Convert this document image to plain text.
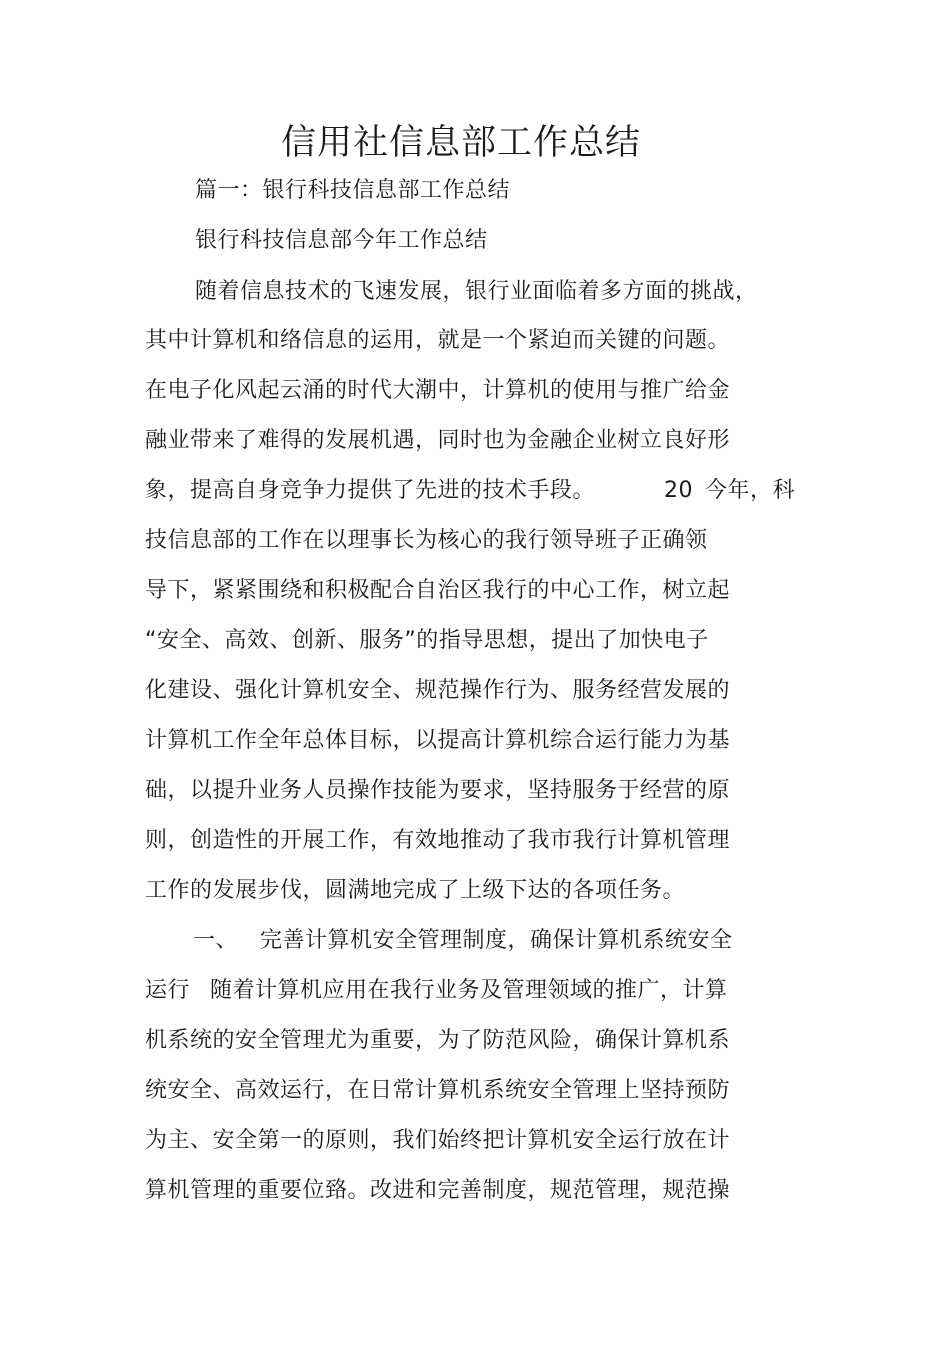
信用社信息部工作总结
篇一：银行科技信息部工作总结
银行科技信息部今年工作总结
随着信息技术的飞速发展，银行业面临着多方面的挑战，
其中计算机和络信息的运用，就是一个紧迫而关键的问题。
在电子化风起云涌的时代大潮中，计算机的使用与推广给金
融业带来了难得的发展机遇，同时也为金融企业树立良好形
象，提高自身竞争力提供了先进的技术手段。	20 今年，科
技信息部的工作在以理事长为核心的我行领导班子正确领
导下，紧紧围绕和积极配合自治区我行的中心工作，树立起
“安全、高效、创新、服务”的指导思想，提出了加快电子
化建设、强化计算机安全、规范操作行为、服务经营发展的
计算机工作全年总体目标，以提高计算机综合运行能力为基
础，以提升业务人员操作技能为要求，坚持服务于经营的原
则，创造性的开展工作，有效地推动了我市我行计算机管理
工作的发展步伐，圆满地完成了上级下达的各项任务。
一、 完善计算机安全管理制度，确保计算机系统安全
运行 随着计算机应用在我行业务及管理领域的推广，计算
机系统的安全管理尤为重要，为了防范风险，确保计算机系
统安全、高效运行，在日常计算机系统安全管理上坚持预防
为主、安全第一的原则，我们始终把计算机安全运行放在计
算机管理的重要位臵。改进和完善制度，规范管理，规范操
